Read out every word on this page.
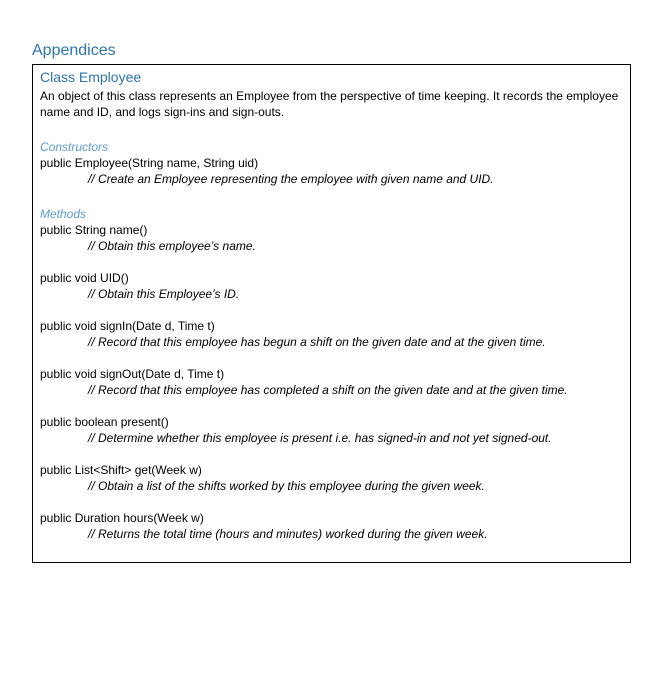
Appendices
Class Employee
An object of this class represents an Employee from the perspective of time keeping. It records the employee name and ID, and logs sign-ins and sign-outs.
Constructors
public Employee(String name, String uid)
// Create an Employee representing the employee with given name and UID.
Methods
public String name()
// Obtain this employee’s name.
public void UID()
// Obtain this Employee’s ID.
public void signIn(Date d, Time t)
// Record that this employee has begun a shift on the given date and at the given time.
public void signOut(Date d, Time t)
// Record that this employee has completed a shift on the given date and at the given time.
public boolean present()
// Determine whether this employee is present i.e. has signed-in and not yet signed-out.
public List<Shift> get(Week w)
// Obtain a list of the shifts worked by this employee during the given week.
public Duration hours(Week w)
// Returns the total time (hours and minutes) worked during the given week.
